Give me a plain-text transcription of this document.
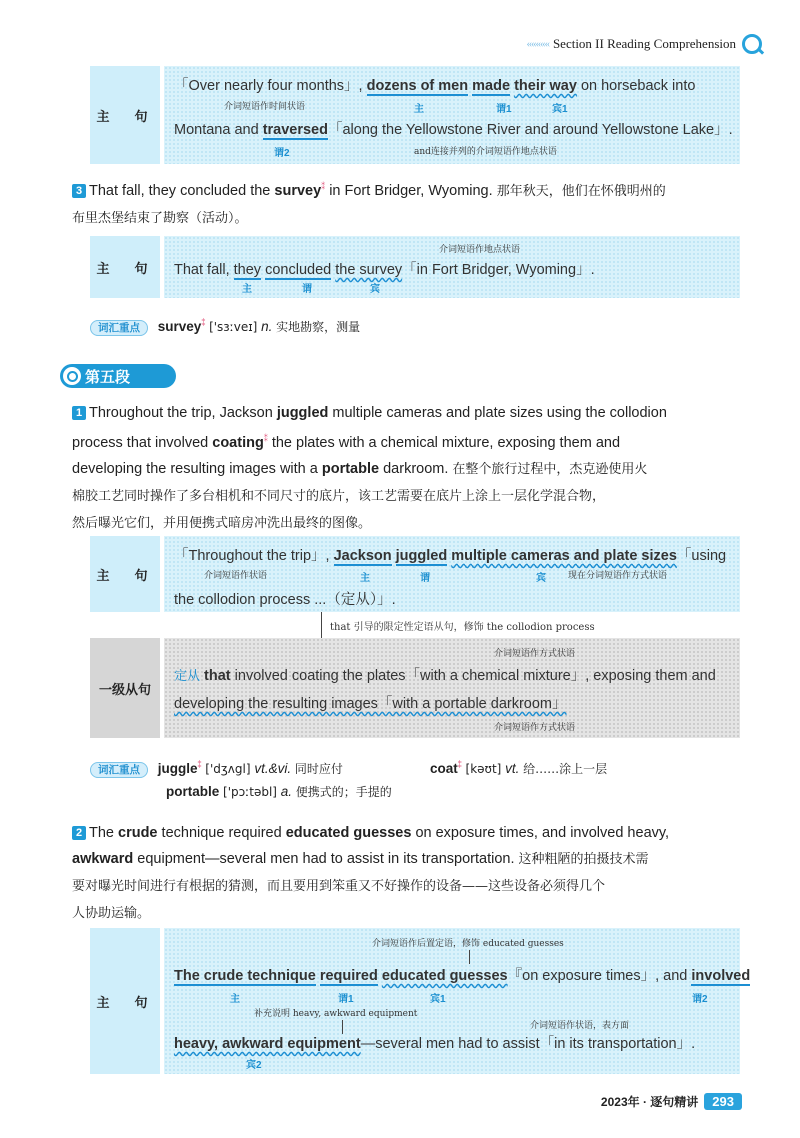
««««« Section II Reading Comprehension
主　句
「Over nearly four months」, dozens of men made their way on horseback into
介词短语作时间状语	主	谓1	宾1
Montana and traversed「along the Yellowstone River and around Yellowstone Lake」.
谓2	and连接并列的介词短语作地点状语
3 That fall, they concluded the survey⁑ in Fort Bridger, Wyoming. 那年秋天，他们在怀俄明州的
布里杰堡结束了勘察（活动）。
主　句
介词短语作地点状语
That fall, they concluded the survey「in Fort Bridger, Wyoming」.
主	谓	宾
词汇重点 survey⁑ ['sɜːveɪ] n. 实地勘察，测量
第五段
1 Throughout the trip, Jackson juggled multiple cameras and plate sizes using the collodion
process that involved coating⁑ the plates with a chemical mixture, exposing them and
developing the resulting images with a portable darkroom. 在整个旅行过程中，杰克逊使用火
棉胶工艺同时操作了多台相机和不同尺寸的底片，该工艺需要在底片上涂上一层化学混合物，
然后曝光它们，并用便携式暗房冲洗出最终的图像。
主　句
「Throughout the trip」, Jackson juggled multiple cameras and plate sizes「using
介词短语作状语	主	谓	宾 现在分词短语作方式状语
the collodion process ...（定从）」.
that 引导的限定性定语从句，修饰 the collodion process
一级从句
介词短语作方式状语
定从 that involved coating the plates「with a chemical mixture」, exposing them and
developing the resulting images「with a portable darkroom」
介词短语作方式状语
词汇重点 juggle⁑ ['dʒʌgl] vt.&vi. 同时应付	coat⁑ [kəʊt] vt. 给……涂上一层
portable ['pɔːtəbl] a. 便携式的；手提的
2 The crude technique required educated guesses on exposure times, and involved heavy,
awkward equipment—several men had to assist in its transportation. 这种粗陋的拍摄技术需
要对曝光时间进行有根据的猜测，而且要用到笨重又不好操作的设备——这些设备必须得几个
人协助运输。
主　句
介词短语作后置定语，修饰 educated guesses
The crude technique required educated guesses『on exposure times」, and involved
主	谓1	宾1	谓2
补充说明 heavy, awkward equipment
介词短语作状语，表方面
heavy, awkward equipment—several men had to assist「in its transportation」.
宾2
2023年 · 逐句精讲	293
